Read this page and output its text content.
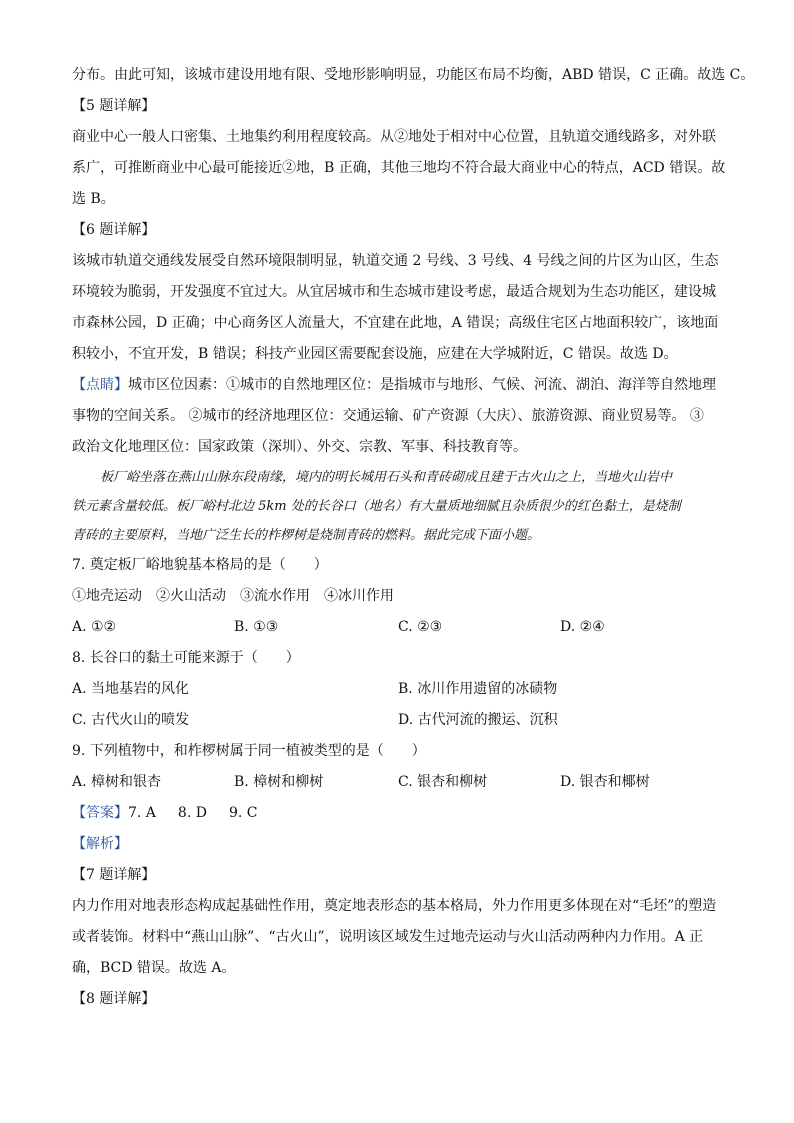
分布。由此可知，该城市建设用地有限、受地形影响明显，功能区布局不均衡，ABD 错误，C 正确。故选 C。
【5 题详解】
商业中心一般人口密集、土地集约利用程度较高。从②地处于相对中心位置，且轨道交通线路多，对外联
系广，可推断商业中心最可能接近②地，B 正确，其他三地均不符合最大商业中心的特点，ACD 错误。故
选 B。
【6 题详解】
该城市轨道交通线发展受自然环境限制明显，轨道交通 2 号线、3 号线、4 号线之间的片区为山区，生态
环境较为脆弱，开发强度不宜过大。从宜居城市和生态城市建设考虑，最适合规划为生态功能区，建设城
市森林公园，D 正确；中心商务区人流量大，不宜建在此地，A 错误；高级住宅区占地面积较广，该地面
积较小，不宜开发，B 错误；科技产业园区需要配套设施，应建在大学城附近，C 错误。故选 D。
【点睛】城市区位因素：①城市的自然地理区位：是指城市与地形、气候、河流、湖泊、海洋等自然地理
事物的空间关系。 ②城市的经济地理区位：交通运输、矿产资源（大庆）、旅游资源、商业贸易等。 ③
政治文化地理区位：国家政策（深圳）、外交、宗教、军事、科技教育等。
板厂峪坐落在燕山山脉东段南缘，境内的明长城用石头和青砖砌成且建于古火山之上，当地火山岩中
铁元素含量较低。板厂峪村北边 5km 处的长谷口（地名）有大量质地细腻且杂质很少的红色黏土，是烧制
青砖的主要原料，当地广泛生长的柞椤树是烧制青砖的燃料。据此完成下面小题。
7. 奠定板厂峪地貌基本格局的是（　　）
①地壳运动　②火山活动　③流水作用　④冰川作用
A. ①②	B. ①③	C. ②③	D. ②④
8. 长谷口的黏土可能来源于（　　）
A. 当地基岩的风化	B. 冰川作用遗留的冰碛物
C. 古代火山的喷发	D. 古代河流的搬运、沉积
9. 下列植物中，和柞椤树属于同一植被类型的是（　　）
A. 樟树和银杏	B. 樟树和柳树	C. 银杏和柳树	D. 银杏和椰树
【答案】7. A 8. D 9. C
【解析】
【7 题详解】
内力作用对地表形态构成起基础性作用，奠定地表形态的基本格局，外力作用更多体现在对“毛坯”的塑造
或者装饰。材料中“燕山山脉”、“古火山”，说明该区域发生过地壳运动与火山活动两种内力作用。A 正
确，BCD 错误。故选 A。
【8 题详解】
